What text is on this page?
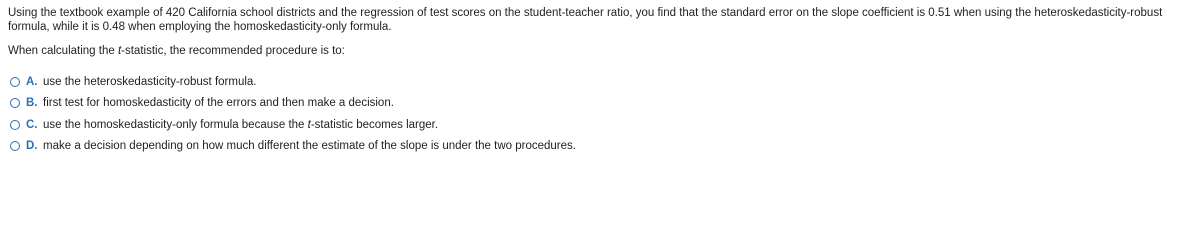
Using the textbook example of 420 California school districts and the regression of test scores on the student-teacher ratio, you find that the standard error on the slope coefficient is 0.51 when using the heteroskedasticity-robust formula, while it is 0.48 when employing the homoskedasticity-only formula.

When calculating the t-statistic, the recommended procedure is to:

A. use the heteroskedasticity-robust formula.
B. first test for homoskedasticity of the errors and then make a decision.
C. use the homoskedasticity-only formula because the t-statistic becomes larger.
D. make a decision depending on how much different the estimate of the slope is under the two procedures.
